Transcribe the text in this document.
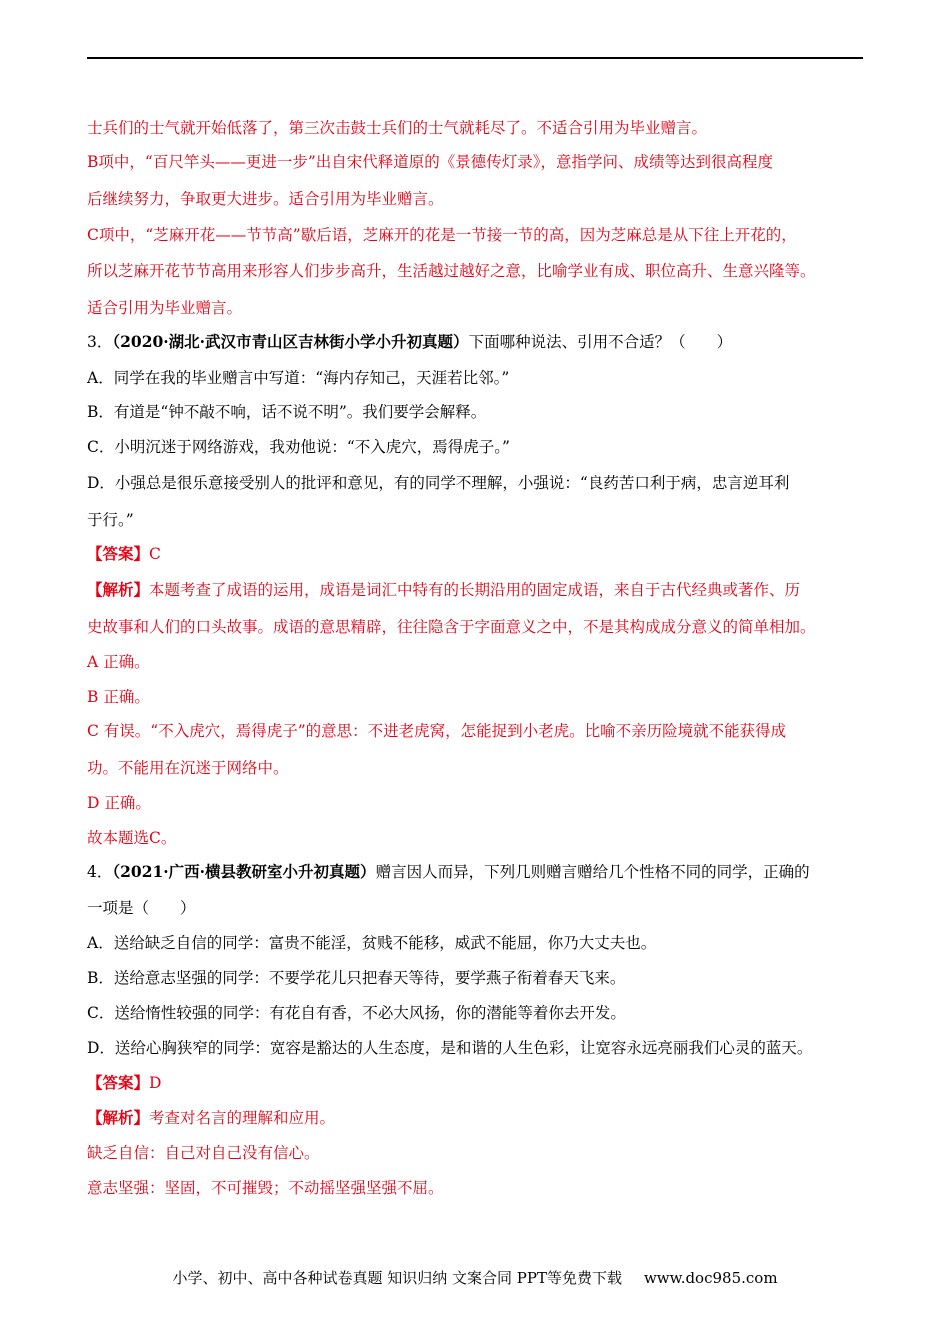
士兵们的士气就开始低落了，第三次击鼓士兵们的士气就耗尽了。不适合引用为毕业赠言。
B项中，“百尺竿头——更进一步”出自宋代释道原的《景德传灯录》，意指学问、成绩等达到很高程度
后继续努力，争取更大进步。适合引用为毕业赠言。
C项中，“芝麻开花——节节高”歇后语，芝麻开的花是一节接一节的高，因为芝麻总是从下往上开花的，
所以芝麻开花节节高用来形容人们步步高升，生活越过越好之意，比喻学业有成、职位高升、生意兴隆等。
适合引用为毕业赠言。
3．（2020·湖北·武汉市青山区吉林街小学小升初真题）下面哪种说法、引用不合适？（　　）
A．同学在我的毕业赠言中写道：“海内存知己，天涯若比邻。”
B．有道是“钟不敲不响，话不说不明”。我们要学会解释。
C．小明沉迷于网络游戏，我劝他说：“不入虎穴，焉得虎子。”
D．小强总是很乐意接受别人的批评和意见，有的同学不理解，小强说：“良药苦口利于病，忠言逆耳利
于行。”
【答案】C
【解析】本题考查了成语的运用，成语是词汇中特有的长期沿用的固定成语，来自于古代经典或著作、历
史故事和人们的口头故事。成语的意思精辟，往往隐含于字面意义之中，不是其构成成分意义的简单相加。
A 正确。
B 正确。
C 有误。“不入虎穴，焉得虎子”的意思：不进老虎窝，怎能捉到小老虎。比喻不亲历险境就不能获得成
功。不能用在沉迷于网络中。
D 正确。
故本题选C。
4．（2021·广西·横县教研室小升初真题）赠言因人而异，下列几则赠言赠给几个性格不同的同学，正确的
一项是（　　）
A．送给缺乏自信的同学：富贵不能淫，贫贱不能移，威武不能屈，你乃大丈夫也。
B．送给意志坚强的同学：不要学花儿只把春天等待，要学燕子衔着春天飞来。
C．送给惰性较强的同学：有花自有香，不必大风扬，你的潜能等着你去开发。
D．送给心胸狭窄的同学：宽容是豁达的人生态度，是和谐的人生色彩，让宽容永远亮丽我们心灵的蓝天。
【答案】D
【解析】考查对名言的理解和应用。
缺乏自信：自己对自己没有信心。
意志坚强：坚固，不可摧毁；不动摇坚强坚强不屈。
小学、初中、高中各种试卷真题 知识归纳 文案合同 PPT等免费下载 www.doc985.com
